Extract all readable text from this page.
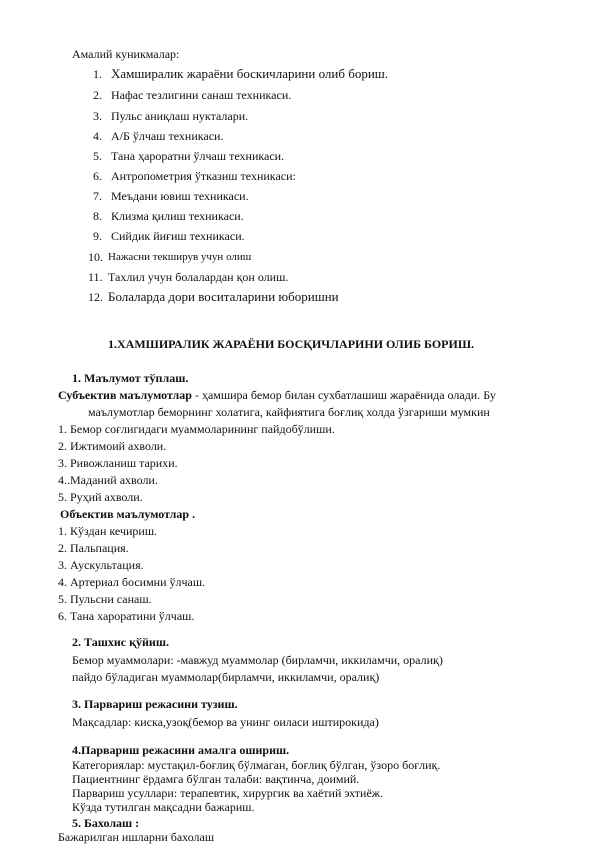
Амалий куникмалар:
1. Хамширалик жараёни боскичларини олиб бориш.
2. Нафас тезлигини санаш техникаси.
3. Пульс аниқлаш нукталари.
4. А/Б ўлчаш техникаси.
5. Тана ҳароратни ўлчаш техникаси.
6. Антропометрия ўтказиш техникаси:
7. Меъдани ювиш техникаси.
8. Клизма қилиш техникаси.
9. Сийдик йиғиш техникаси.
10. Нажасни текширув учун олиш
11. Тахлил учун болалардан қон олиш.
12. Болаларда дори воситаларини юборишни
1.ХАМШИРАЛИК ЖАРАЁНИ БОСҚИЧЛАРИНИ ОЛИБ БОРИШ.
1. Маълумот тўплаш.
Субъектив маълумотлар - ҳамшира бемор билан сухбатлашиш жараёнида олади. Бу
маълумотлар беморнинг холатига, кайфиятига боғлиқ холда ўзгариши мумкин
1. Бемор соғлигидаги муаммоларининг пайдобўлиши.
2. Ижтимоий ахволи.
3. Ривожланиш тарихи.
4..Маданий ахволи.
5. Руҳий ахволи.
Объектив маълумотлар .
1. Кўздан кечириш.
2. Пальпация.
3. Аускультация.
4. Артериал босимни ўлчаш.
5. Пульсни санаш.
6. Тана хароратини ўлчаш.
2. Ташхис қўйиш.
Бемор муаммолари: -мавжуд муаммолар (бирламчи, иккиламчи, оралиқ)
пайдо бўладиган муаммолар(бирламчи, иккиламчи, оралиқ)
3. Парвариш режасини тузиш.
Мақсадлар: киска,узоқ(бемор ва унинг оиласи иштирокида)
4.Парвариш режасини амалга ошириш.
Категориялар: мустақил-боғлиқ бўлмаган, боғлиқ бўлган, ўзоро боғлиқ.
Пациентнинг ёрдамга бўлган талаби: вақтинча, доимий.
Парвариш усуллари: терапевтик, хирургик ва хаётий эхтиёж.
Кўзда тутилган мақсадни бажариш.
5. Бахолаш :
Бажарилган ишларни бахолаш
